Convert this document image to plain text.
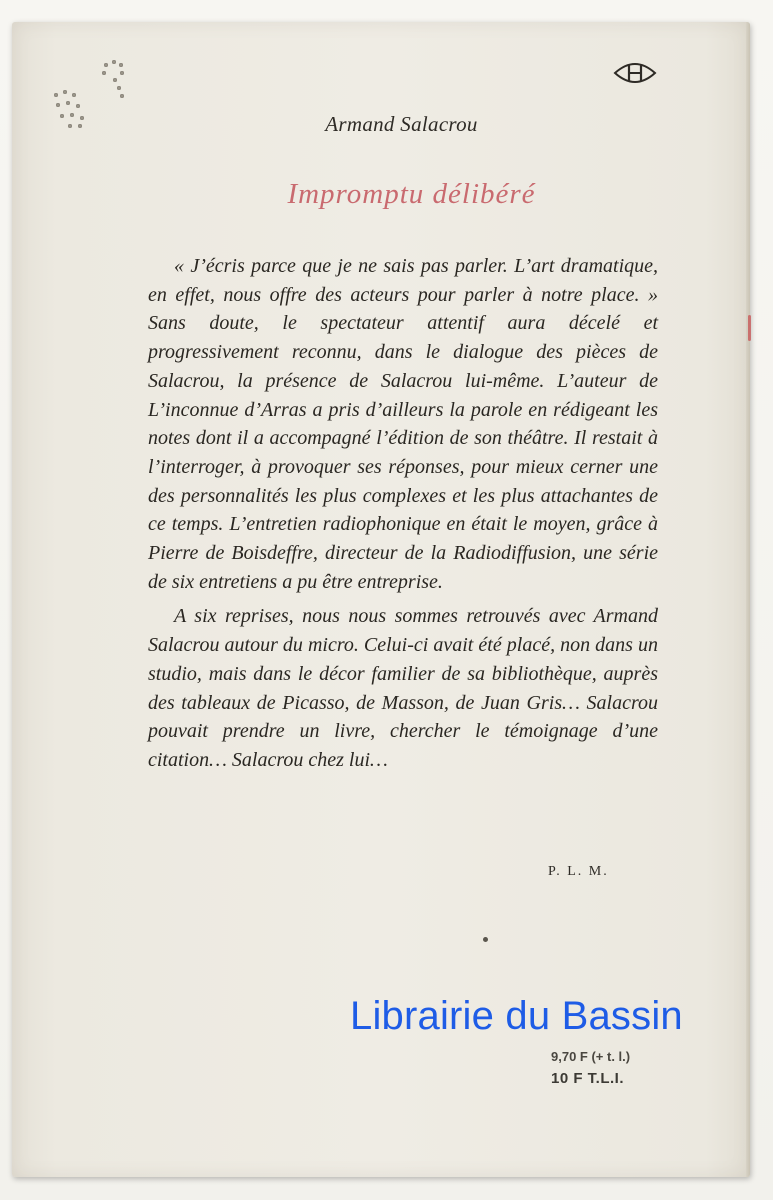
Armand Salacrou
Impromptu délibéré

« J’écris parce que je ne sais pas parler. L’art dramatique, en effet, nous offre des acteurs pour parler à notre place. » Sans doute, le spectateur attentif aura décelé et progressivement reconnu, dans le dialogue des pièces de Salacrou, la présence de Salacrou lui-même. L’auteur de L’inconnue d’Arras a pris d’ailleurs la parole en rédigeant les notes dont il a accompagné l’édition de son théâtre. Il restait à l’interroger, à provoquer ses réponses, pour mieux cerner une des personnalités les plus complexes et les plus attachantes de ce temps. L’entretien radiophonique en était le moyen, grâce à Pierre de Boisdeffre, directeur de la Radiodiffusion, une série de six entretiens a pu être entreprise.

A six reprises, nous nous sommes retrouvés avec Armand Salacrou autour du micro. Celui-ci avait été placé, non dans un studio, mais dans le décor familier de sa bibliothèque, auprès des tableaux de Picasso, de Masson, de Juan Gris… Salacrou pouvait prendre un livre, chercher le témoignage d’une citation… Salacrou chez lui…

P. L. M.
Librairie du Bassin
9,70 F (+ t. l.)
10 F T.L.I.
